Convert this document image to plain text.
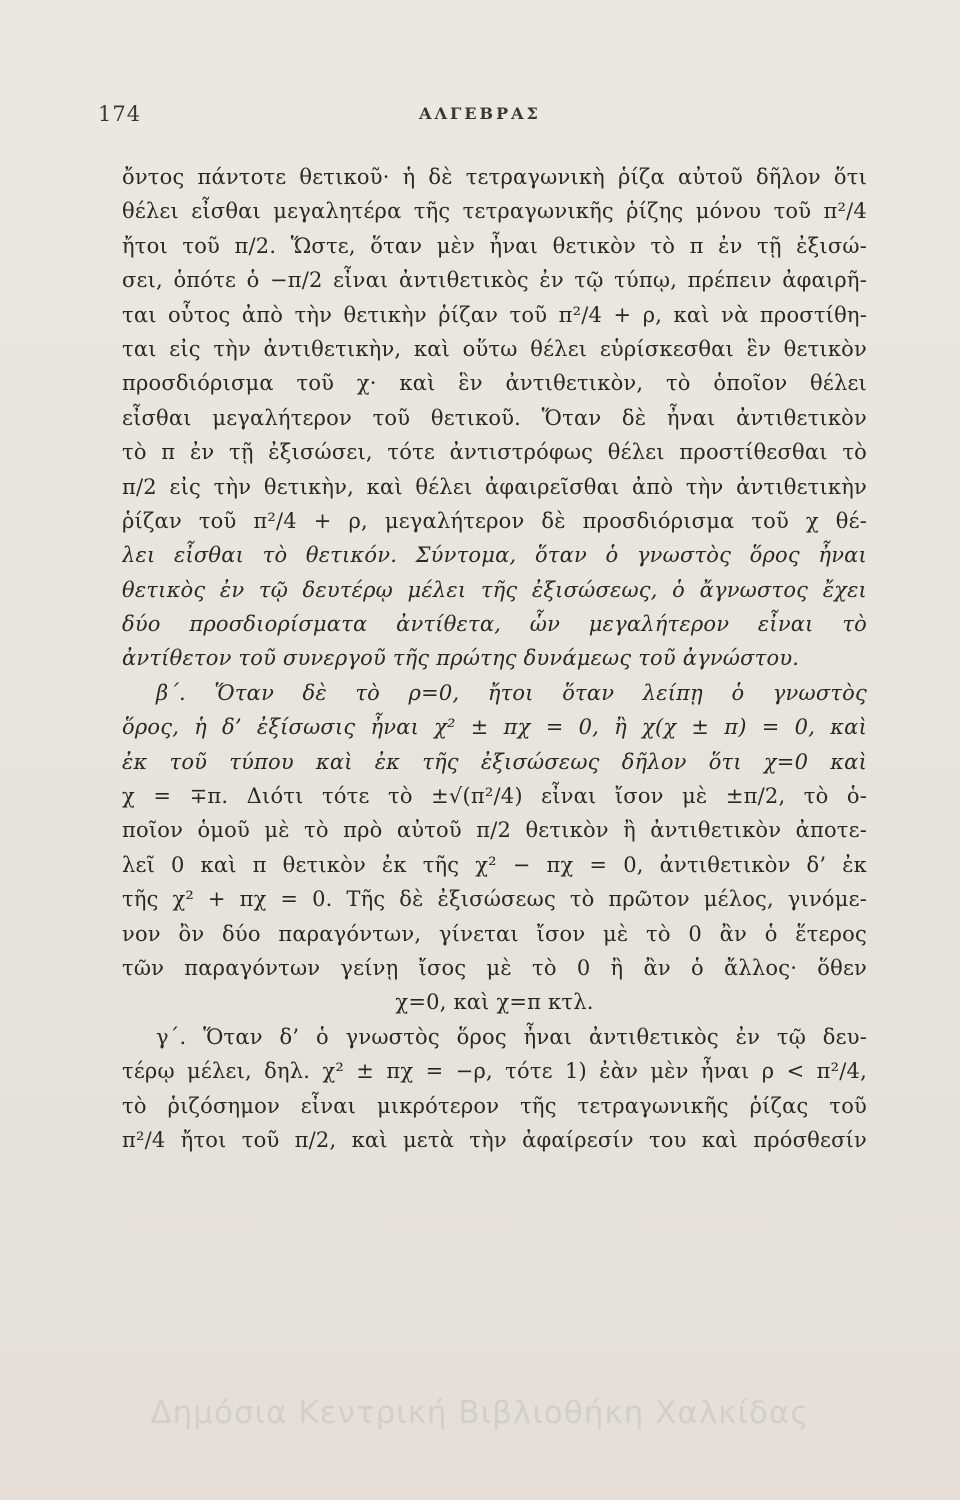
174	ΑΛΓΕΒΡΑΣ
ὄντος πάντοτε θετικοῦ· ἡ δὲ τετραγωνικὴ ῥίζα αὐτοῦ δῆλον ὅτι
θέλει εἶσθαι μεγαλητέρα τῆς τετραγωνικῆς ῥίζης μόνου τοῦ π²/4
ἤτοι τοῦ π/2. Ὥστε, ὅταν μὲν ἦναι θετικὸν τὸ π ἐν τῇ ἐξισώ-
σει, ὁπότε ὁ −π/2 εἶναι ἀντιθετικὸς ἐν τῷ τύπῳ, πρέπειν ἀφαιρῆ-
ται οὗτος ἀπὸ τὴν θετικὴν ῥίζαν τοῦ π²/4 + ρ, καὶ νὰ προστίθη-
ται εἰς τὴν ἀντιθετικὴν, καὶ οὕτω θέλει εὑρίσκεσθαι ἓν θετικὸν
προσδιόρισμα τοῦ χ· καὶ ἓν ἀντιθετικὸν, τὸ ὁποῖον θέλει
εἶσθαι μεγαλήτερον τοῦ θετικοῦ. Ὅταν δὲ ἦναι ἀντιθετικὸν
τὸ π ἐν τῇ ἐξισώσει, τότε ἀντιστρόφως θέλει προστίθεσθαι τὸ
π/2 εἰς τὴν θετικὴν, καὶ θέλει ἀφαιρεῖσθαι ἀπὸ τὴν ἀντιθετικὴν
ῥίζαν τοῦ π²/4 + ρ, μεγαλήτερον δὲ προσδιόρισμα τοῦ χ θέ-
λει εἶσθαι τὸ θετικόν. Σύντομα, ὅταν ὁ γνωστὸς ὅρος ἦναι
θετικὸς ἐν τῷ δευτέρῳ μέλει τῆς ἐξισώσεως, ὁ ἄγνωστος ἔχει
δύο προσδιορίσματα ἀντίθετα, ὧν μεγαλήτερον εἶναι τὸ
ἀντίθετον τοῦ συνεργοῦ τῆς πρώτης δυνάμεως τοῦ ἀγνώστου.
β΄. Ὅταν δὲ τὸ ρ=0, ἤτοι ὅταν λείπῃ ὁ γνωστὸς
ὅρος, ἡ δ’ ἐξίσωσις ἦναι χ² ± πχ = 0, ἢ χ(χ ± π) = 0, καὶ
ἐκ τοῦ τύπου καὶ ἐκ τῆς ἐξισώσεως δῆλον ὅτι χ=0 καὶ
χ = ∓π. Διότι τότε τὸ ±√(π²/4) εἶναι ἴσον μὲ ±π/2, τὸ ὁ-
ποῖον ὁμοῦ μὲ τὸ πρὸ αὐτοῦ π/2 θετικὸν ἢ ἀντιθετικὸν ἀποτε-
λεῖ 0 καὶ π θετικὸν ἐκ τῆς χ² − πχ = 0, ἀντιθετικὸν δ’ ἐκ
τῆς χ² + πχ = 0. Τῆς δὲ ἐξισώσεως τὸ πρῶτον μέλος, γινόμε-
νον ὂν δύο παραγόντων, γίνεται ἴσον μὲ τὸ 0 ἂν ὁ ἕτερος
τῶν παραγόντων γείνῃ ἴσος μὲ τὸ 0 ἢ ἂν ὁ ἄλλος· ὅθεν
χ=0, καὶ χ=π κτλ.
γ΄. Ὅταν δ’ ὁ γνωστὸς ὅρος ἦναι ἀντιθετικὸς ἐν τῷ δευ-
τέρῳ μέλει, δηλ. χ² ± πχ = −ρ, τότε 1) ἐὰν μὲν ἦναι ρ < π²/4,
τὸ ῥιζόσημον εἶναι μικρότερον τῆς τετραγωνικῆς ῥίζας τοῦ
π²/4 ἤτοι τοῦ π/2, καὶ μετὰ τὴν ἀφαίρεσίν του καὶ πρόσθεσίν
Δημόσια Κεντρική Βιβλιοθήκη Χαλκίδας
